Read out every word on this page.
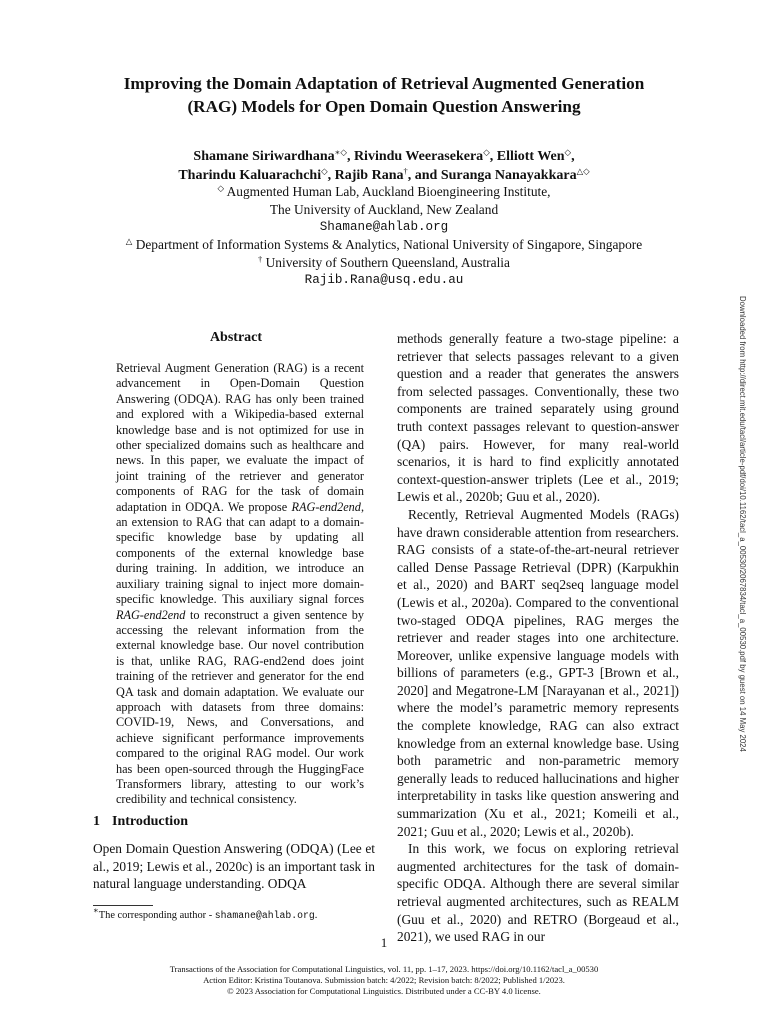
Improving the Domain Adaptation of Retrieval Augmented Generation
(RAG) Models for Open Domain Question Answering
Shamane Siriwardhana∗◇, Rivindu Weerasekera◇, Elliott Wen◇,
Tharindu Kaluarachchi◇, Rajib Rana†, and Suranga Nanayakkara△◇
◇ Augmented Human Lab, Auckland Bioengineering Institute,
The University of Auckland, New Zealand
Shamane@ahlab.org
△ Department of Information Systems & Analytics, National University of Singapore, Singapore
† University of Southern Queensland, Australia
Rajib.Rana@usq.edu.au
Abstract
Retrieval Augment Generation (RAG) is a recent advancement in Open-Domain Question Answering (ODQA). RAG has only been trained and explored with a Wikipedia-based external knowledge base and is not optimized for use in other specialized domains such as healthcare and news. In this paper, we evaluate the impact of joint training of the retriever and generator components of RAG for the task of domain adaptation in ODQA. We propose RAG-end2end, an extension to RAG that can adapt to a domain-specific knowledge base by updating all components of the external knowledge base during training. In addition, we introduce an auxiliary training signal to inject more domain-specific knowledge. This auxiliary signal forces RAG-end2end to reconstruct a given sentence by accessing the relevant information from the external knowledge base. Our novel contribution is that, unlike RAG, RAG-end2end does joint training of the retriever and generator for the end QA task and domain adaptation. We evaluate our approach with datasets from three domains: COVID-19, News, and Conversations, and achieve significant performance improvements compared to the original RAG model. Our work has been open-sourced through the HuggingFace Transformers library, attesting to our work’s credibility and technical consistency.
1 Introduction
Open Domain Question Answering (ODQA) (Lee et al., 2019; Lewis et al., 2020c) is an important task in natural language understanding. ODQA
∗The corresponding author - shamane@ahlab.org.

methods generally feature a two-stage pipeline: a retriever that selects passages relevant to a given question and a reader that generates the answers from selected passages. Conventionally, these two components are trained separately using ground truth context passages relevant to question-answer (QA) pairs. However, for many real-world scenarios, it is hard to find explicitly annotated context-question-answer triplets (Lee et al., 2019; Lewis et al., 2020b; Guu et al., 2020).

Recently, Retrieval Augmented Models (RAGs) have drawn considerable attention from researchers. RAG consists of a state-of-the-art-neural retriever called Dense Passage Retrieval (DPR) (Karpukhin et al., 2020) and BART seq2seq language model (Lewis et al., 2020a). Compared to the conventional two-staged ODQA pipelines, RAG merges the retriever and reader stages into one architecture. Moreover, unlike expensive language models with billions of parameters (e.g., GPT-3 [Brown et al., 2020] and Megatrone-LM [Narayanan et al., 2021]) where the model’s parametric memory represents the complete knowledge, RAG can also extract knowledge from an external knowledge base. Using both parametric and non-parametric memory generally leads to reduced hallucinations and higher interpretability in tasks like question answering and summarization (Xu et al., 2021; Komeili et al., 2021; Guu et al., 2020; Lewis et al., 2020b).

In this work, we focus on exploring retrieval augmented architectures for the task of domain-specific ODQA. Although there are several similar retrieval augmented architectures, such as REALM (Guu et al., 2020) and RETRO (Borgeaud et al., 2021), we used RAG in our

Downloaded from http://direct.mit.edu/tacl/article-pdf/doi/10.1162/tacl_a_00530/2067834/tacl_a_00530.pdf by guest on 14 May 2024
1
Transactions of the Association for Computational Linguistics, vol. 11, pp. 1–17, 2023. https://doi.org/10.1162/tacl_a_00530
Action Editor: Kristina Toutanova. Submission batch: 4/2022; Revision batch: 8/2022; Published 1/2023.
© 2023 Association for Computational Linguistics. Distributed under a CC-BY 4.0 license.
